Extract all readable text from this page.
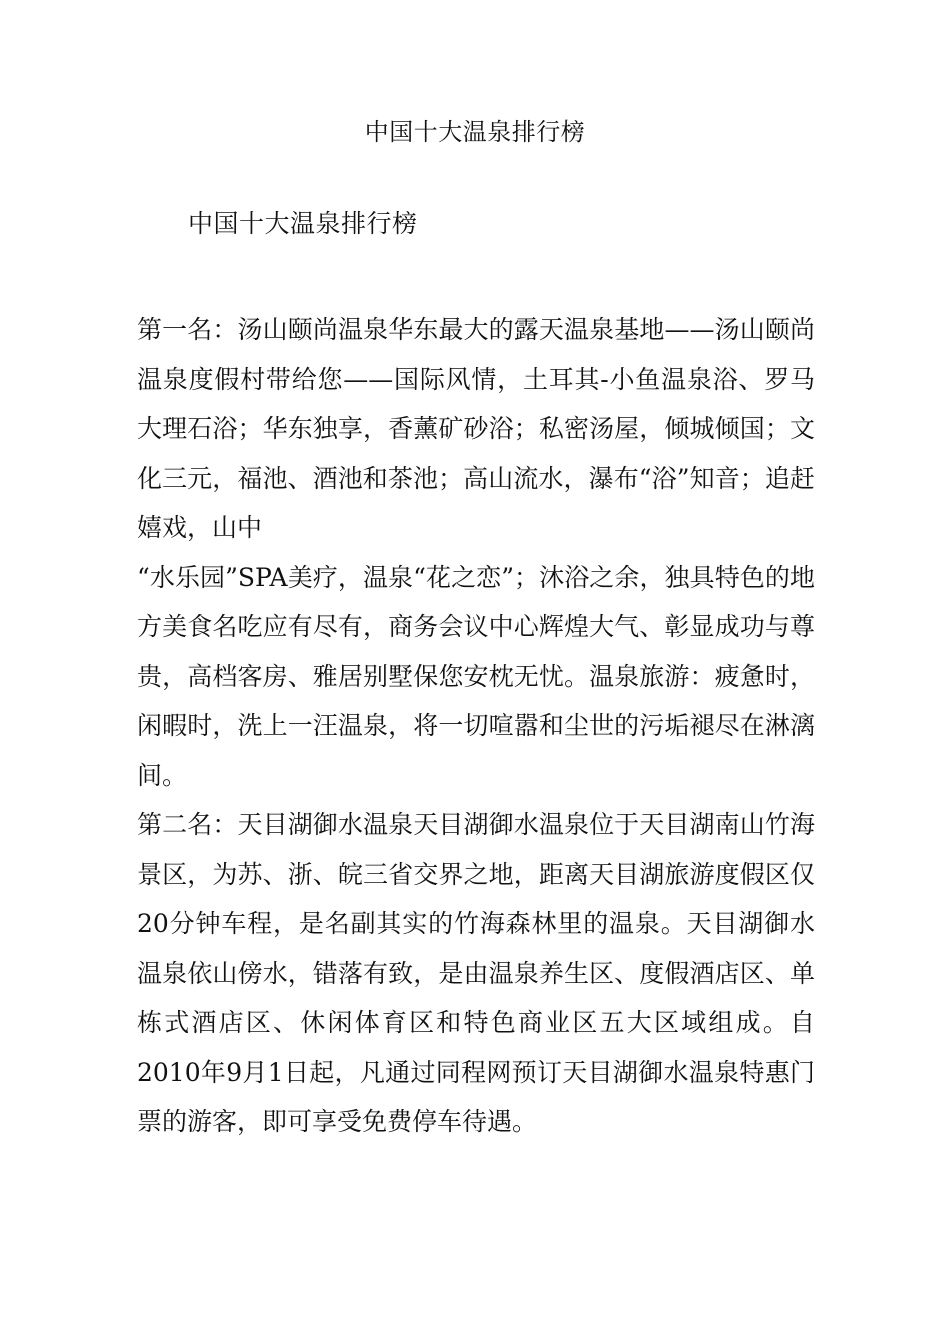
中国十大温泉排行榜
中国十大温泉排行榜

第一名：汤山颐尚温泉华东最大的露天温泉基地——汤山颐尚温泉度假村带给您——国际风情，土耳其-小鱼温泉浴、罗马大理石浴；华东独享，香薰矿砂浴；私密汤屋，倾城倾国；文化三元，福池、酒池和茶池；高山流水，瀑布“浴”知音；追赶嬉戏，山中

“水乐园”SPA美疗，温泉“花之恋”；沐浴之余，独具特色的地方美食名吃应有尽有，商务会议中心辉煌大气、彰显成功与尊贵，高档客房、雅居别墅保您安枕无忧。温泉旅游：疲惫时，闲暇时，洗上一汪温泉，将一切喧嚣和尘世的污垢褪尽在淋漓间。

第二名：天目湖御水温泉天目湖御水温泉位于天目湖南山竹海景区，为苏、浙、皖三省交界之地，距离天目湖旅游度假区仅20分钟车程，是名副其实的竹海森林里的温泉。天目湖御水温泉依山傍水，错落有致，是由温泉养生区、度假酒店区、单栋式酒店区、休闲体育区和特色商业区五大区域组成。自2010年9月1日起，凡通过同程网预订天目湖御水温泉特惠门票的游客，即可享受免费停车待遇。
